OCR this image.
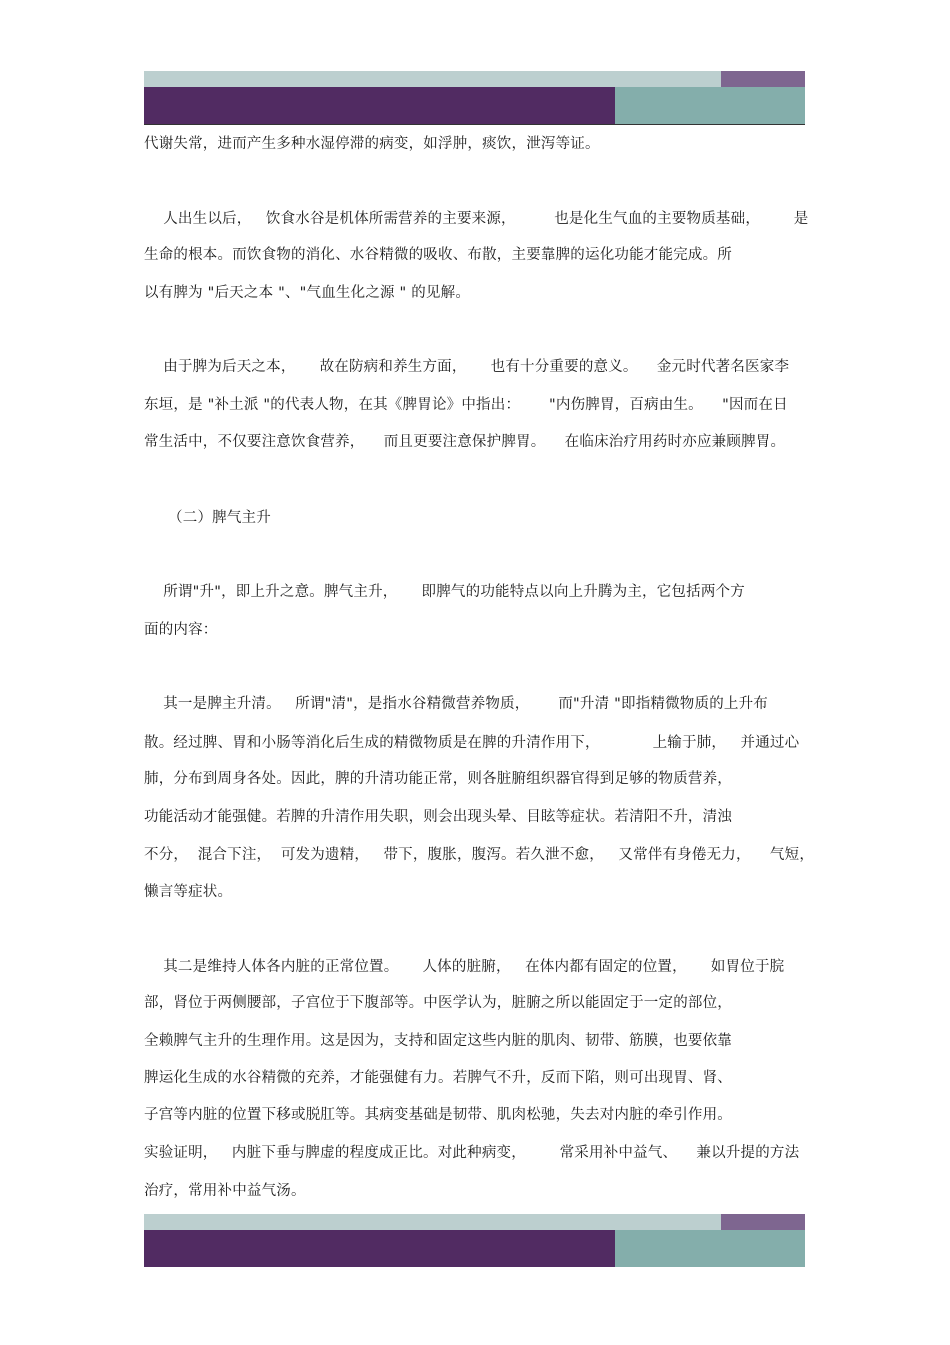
代谢失常，进而产生多种水湿停滞的病变，如浮肿，痰饮，泄泻等证。
人出生以后，   饮食水谷是机体所需营养的主要来源，        也是化生气血的主要物质基础，       是
生命的根本。而饮食物的消化、水谷精微的吸收、布散，主要靠脾的运化功能才能完成。所
以有脾为 "后天之本 "、"气血生化之源 " 的见解。
由于脾为后天之本，     故在防病和养生方面，     也有十分重要的意义。    金元时代著名医家李
东垣，是 "补土派 "的代表人物，在其《脾胃论》中指出：      "内伤脾胃，百病由生。    "因而在日
常生活中，不仅要注意饮食营养，    而且更要注意保护脾胃。    在临床治疗用药时亦应兼顾脾胃。
（二）脾气主升
所谓"升"，即上升之意。脾气主升，     即脾气的功能特点以向上升腾为主，它包括两个方
面的内容：
其一是脾主升清。   所谓"清"，是指水谷精微营养物质，      而"升清 "即指精微物质的上升布
散。经过脾、胃和小肠等消化后生成的精微物质是在脾的升清作用下，           上输于肺，   并通过心
肺，分布到周身各处。因此，脾的升清功能正常，则各脏腑组织器官得到足够的物质营养，
功能活动才能强健。若脾的升清作用失职，则会出现头晕、目眩等症状。若清阳不升，清浊
不分，  混合下注，  可发为遗精，   带下，腹胀，腹泻。若久泄不愈，   又常伴有身倦无力，    气短，
懒言等症状。
其二是维持人体各内脏的正常位置。     人体的脏腑，   在体内都有固定的位置，     如胃位于脘
部，肾位于两侧腰部，子宫位于下腹部等。中医学认为，脏腑之所以能固定于一定的部位，
全赖脾气主升的生理作用。这是因为，支持和固定这些内脏的肌肉、韧带、筋膜，也要依靠
脾运化生成的水谷精微的充养，才能强健有力。若脾气不升，反而下陷，则可出现胃、肾、
子宫等内脏的位置下移或脱肛等。其病变基础是韧带、肌肉松驰，失去对内脏的牵引作用。
实验证明，   内脏下垂与脾虚的程度成正比。对此种病变，       常采用补中益气、    兼以升提的方法
治疗，常用补中益气汤。
